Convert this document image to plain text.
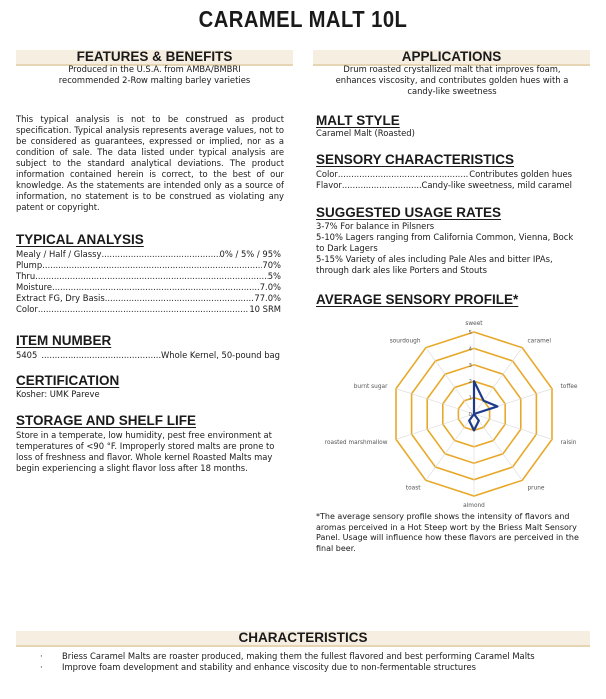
CARAMEL MALT 10L
FEATURES & BENEFITS
Produced in the U.S.A. from AMBA/BMBRI
recommended 2-Row malting barley varieties
This typical analysis is not to be construed as product specification. Typical analysis represents average values, not to be considered as guarantees, expressed or implied, nor as a condition of sale. The data listed under typical analysis are subject to the standard analytical deviations. The product information contained herein is correct, to the best of our knowledge. As the statements are intended only as a source of information, no statement is to be construed as violating any patent or copyright.
TYPICAL ANALYSIS
Mealy / Half / Glassy .....	0% / 5% / 95%
Plump .....	70%
Thru .....	5%
Moisture .....	7.0%
Extract FG, Dry Basis .....	77.0%
Color .....	10 SRM
ITEM NUMBER
5405 .....	Whole Kernel, 50-pound bag
CERTIFICATION
Kosher: UMK Pareve
STORAGE AND SHELF LIFE
Store in a temperate, low humidity, pest free environment at temperatures of <90 °F. Improperly stored malts are prone to loss of freshness and flavor. Whole kernel Roasted Malts may begin experiencing a slight flavor loss after 18 months.
APPLICATIONS
Drum roasted crystallized malt that improves foam, enhances viscosity, and contributes golden hues with a candy-like sweetness
MALT STYLE
Caramel Malt (Roasted)
SENSORY CHARACTERISTICS
Color .....	Contributes golden hues
Flavor .....	Candy-like sweetness, mild caramel
SUGGESTED USAGE RATES
3-7% For balance in Pilsners
5-10% Lagers ranging from California Common, Vienna, Bock to Dark Lagers
5-15% Variety of ales including Pale Ales and bitter IPAs, through dark ales like Porters and Stouts
AVERAGE SENSORY PROFILE*
0
1
2
3
4
5
sweet
caramel
toffee
raisin
prune
almond
toast
roasted marshmallow
burnt sugar
sourdough
*The average sensory profile shows the intensity of flavors and aromas perceived in a Hot Steep wort by the Briess Malt Sensory Panel. Usage will influence how these flavors are perceived in the final beer.
CHARACTERISTICS
· Briess Caramel Malts are roaster produced, making them the fullest flavored and best performing Caramel Malts
· Improve foam development and stability and enhance viscosity due to non-fermentable structures
